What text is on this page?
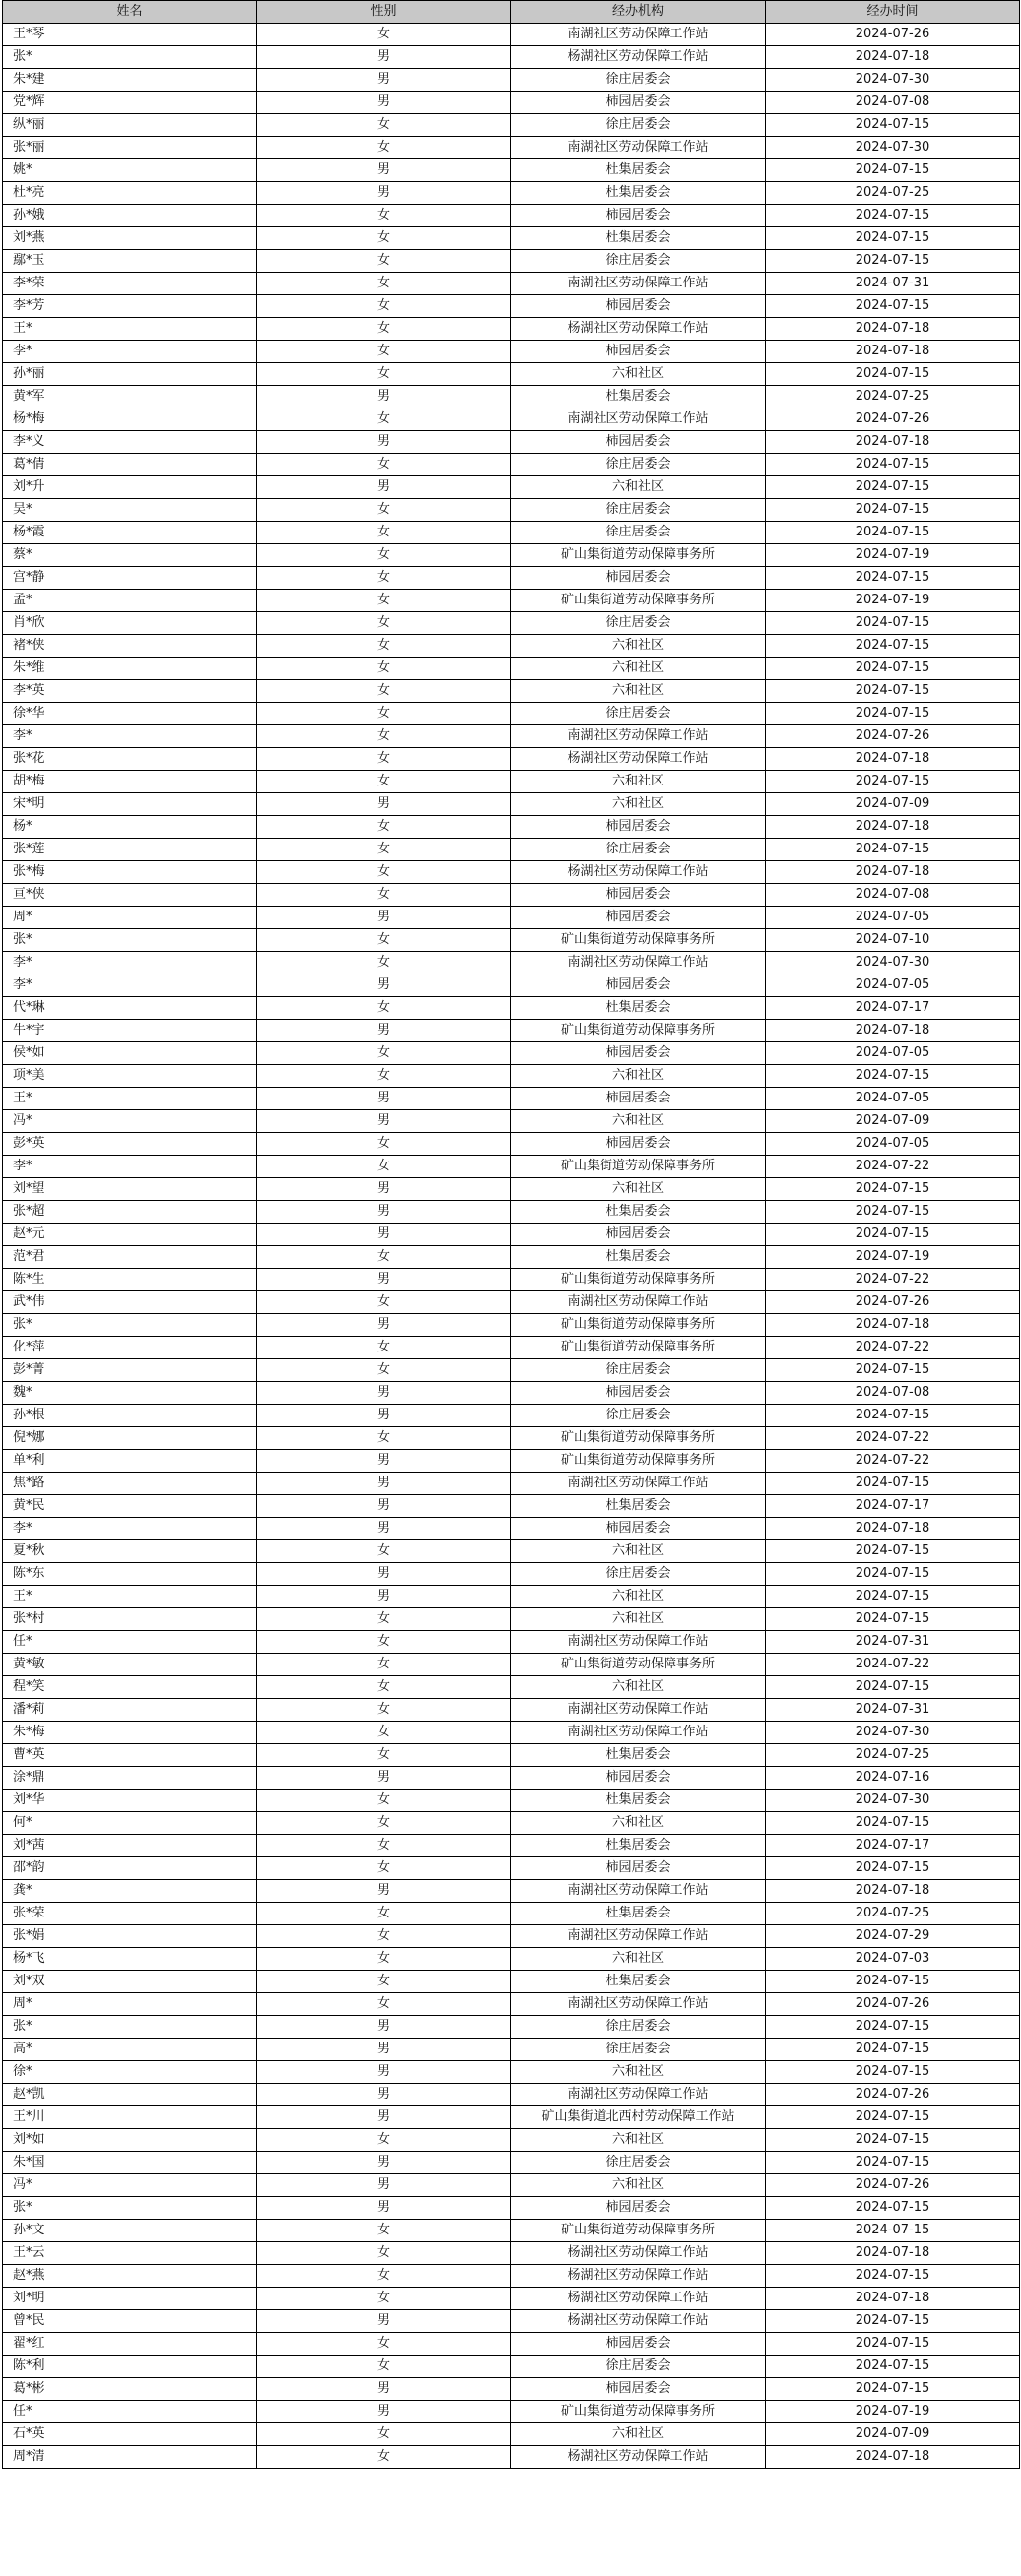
姓名	性别	经办机构	经办时间
王*琴	女	南湖社区劳动保障工作站	2024-07-26
张*	男	杨湖社区劳动保障工作站	2024-07-18
朱*建	男	徐庄居委会	2024-07-30
党*辉	男	柿园居委会	2024-07-08
纵*丽	女	徐庄居委会	2024-07-15
张*丽	女	南湖社区劳动保障工作站	2024-07-30
姚*	男	杜集居委会	2024-07-15
杜*亮	男	杜集居委会	2024-07-25
孙*娥	女	柿园居委会	2024-07-15
刘*燕	女	杜集居委会	2024-07-15
鄢*玉	女	徐庄居委会	2024-07-15
李*荣	女	南湖社区劳动保障工作站	2024-07-31
李*芳	女	柿园居委会	2024-07-15
王*	女	杨湖社区劳动保障工作站	2024-07-18
李*	女	柿园居委会	2024-07-18
孙*丽	女	六和社区	2024-07-15
黄*军	男	杜集居委会	2024-07-25
杨*梅	女	南湖社区劳动保障工作站	2024-07-26
李*义	男	柿园居委会	2024-07-18
葛*倩	女	徐庄居委会	2024-07-15
刘*升	男	六和社区	2024-07-15
吴*	女	徐庄居委会	2024-07-15
杨*霞	女	徐庄居委会	2024-07-15
蔡*	女	矿山集街道劳动保障事务所	2024-07-19
宫*静	女	柿园居委会	2024-07-15
孟*	女	矿山集街道劳动保障事务所	2024-07-19
肖*欣	女	徐庄居委会	2024-07-15
褚*侠	女	六和社区	2024-07-15
朱*维	女	六和社区	2024-07-15
李*英	女	六和社区	2024-07-15
徐*华	女	徐庄居委会	2024-07-15
李*	女	南湖社区劳动保障工作站	2024-07-26
张*花	女	杨湖社区劳动保障工作站	2024-07-18
胡*梅	女	六和社区	2024-07-15
宋*明	男	六和社区	2024-07-09
杨*	女	柿园居委会	2024-07-18
张*莲	女	徐庄居委会	2024-07-15
张*梅	女	杨湖社区劳动保障工作站	2024-07-18
亘*侠	女	柿园居委会	2024-07-08
周*	男	柿园居委会	2024-07-05
张*	女	矿山集街道劳动保障事务所	2024-07-10
李*	女	南湖社区劳动保障工作站	2024-07-30
李*	男	柿园居委会	2024-07-05
代*琳	女	杜集居委会	2024-07-17
牛*宇	男	矿山集街道劳动保障事务所	2024-07-18
侯*如	女	柿园居委会	2024-07-05
项*美	女	六和社区	2024-07-15
王*	男	柿园居委会	2024-07-05
冯*	男	六和社区	2024-07-09
彭*英	女	柿园居委会	2024-07-05
李*	女	矿山集街道劳动保障事务所	2024-07-22
刘*望	男	六和社区	2024-07-15
张*超	男	杜集居委会	2024-07-15
赵*元	男	柿园居委会	2024-07-15
范*君	女	杜集居委会	2024-07-19
陈*生	男	矿山集街道劳动保障事务所	2024-07-22
武*伟	女	南湖社区劳动保障工作站	2024-07-26
张*	男	矿山集街道劳动保障事务所	2024-07-18
化*萍	女	矿山集街道劳动保障事务所	2024-07-22
彭*菁	女	徐庄居委会	2024-07-15
魏*	男	柿园居委会	2024-07-08
孙*根	男	徐庄居委会	2024-07-15
倪*娜	女	矿山集街道劳动保障事务所	2024-07-22
单*利	男	矿山集街道劳动保障事务所	2024-07-22
焦*路	男	南湖社区劳动保障工作站	2024-07-15
黄*民	男	杜集居委会	2024-07-17
李*	男	柿园居委会	2024-07-18
夏*秋	女	六和社区	2024-07-15
陈*东	男	徐庄居委会	2024-07-15
王*	男	六和社区	2024-07-15
张*村	女	六和社区	2024-07-15
任*	女	南湖社区劳动保障工作站	2024-07-31
黄*敏	女	矿山集街道劳动保障事务所	2024-07-22
程*笑	女	六和社区	2024-07-15
潘*莉	女	南湖社区劳动保障工作站	2024-07-31
朱*梅	女	南湖社区劳动保障工作站	2024-07-30
曹*英	女	杜集居委会	2024-07-25
涂*鼎	男	柿园居委会	2024-07-16
刘*华	女	杜集居委会	2024-07-30
何*	女	六和社区	2024-07-15
刘*茜	女	杜集居委会	2024-07-17
邵*韵	女	柿园居委会	2024-07-15
龚*	男	南湖社区劳动保障工作站	2024-07-18
张*荣	女	杜集居委会	2024-07-25
张*娟	女	南湖社区劳动保障工作站	2024-07-29
杨*飞	女	六和社区	2024-07-03
刘*双	女	杜集居委会	2024-07-15
周*	女	南湖社区劳动保障工作站	2024-07-26
张*	男	徐庄居委会	2024-07-15
高*	男	徐庄居委会	2024-07-15
徐*	男	六和社区	2024-07-15
赵*凯	男	南湖社区劳动保障工作站	2024-07-26
王*川	男	矿山集街道北西村劳动保障工作站	2024-07-15
刘*如	女	六和社区	2024-07-15
朱*国	男	徐庄居委会	2024-07-15
冯*	男	六和社区	2024-07-26
张*	男	柿园居委会	2024-07-15
孙*文	女	矿山集街道劳动保障事务所	2024-07-15
王*云	女	杨湖社区劳动保障工作站	2024-07-18
赵*燕	女	杨湖社区劳动保障工作站	2024-07-15
刘*明	女	杨湖社区劳动保障工作站	2024-07-18
曾*民	男	杨湖社区劳动保障工作站	2024-07-15
翟*红	女	柿园居委会	2024-07-15
陈*利	女	徐庄居委会	2024-07-15
葛*彬	男	柿园居委会	2024-07-15
任*	男	矿山集街道劳动保障事务所	2024-07-19
石*英	女	六和社区	2024-07-09
周*清	女	杨湖社区劳动保障工作站	2024-07-18
